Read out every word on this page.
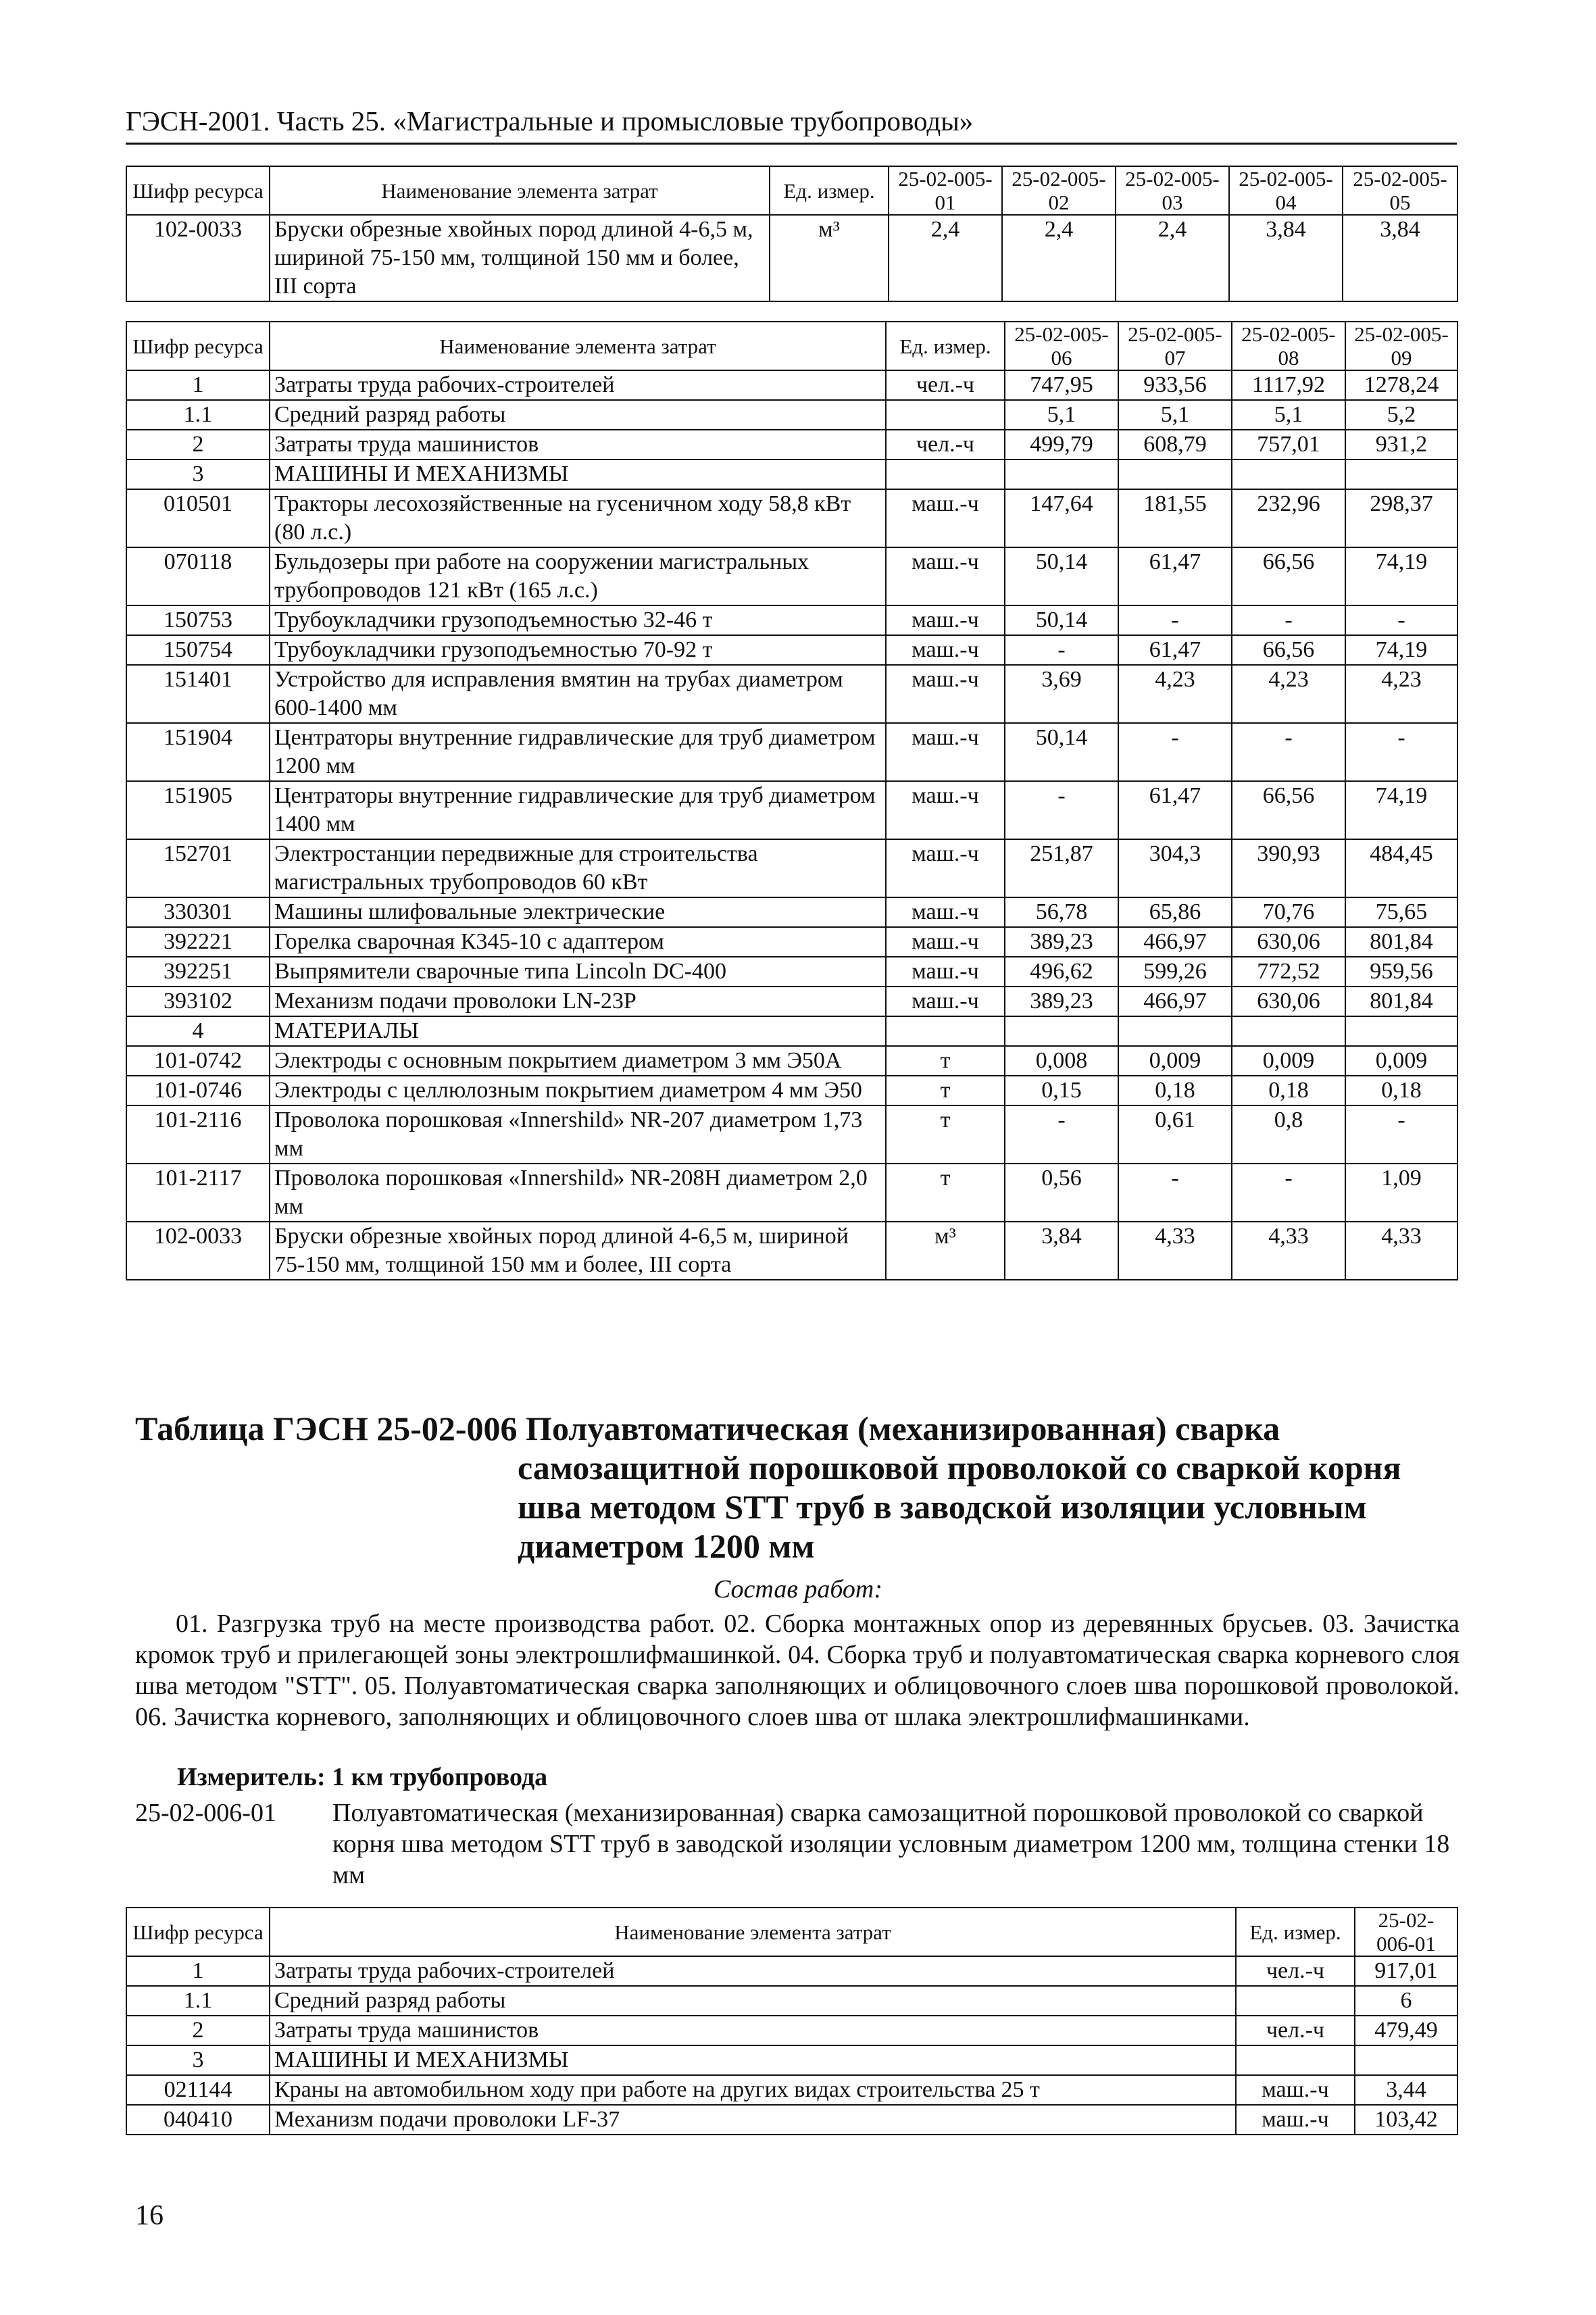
ГЭСН-2001. Часть 25. «Магистральные и промысловые трубопроводы»
Шифр ресурса	Наименование элемента затрат	Ед. измер.	25-02-005-01	25-02-005-02	25-02-005-03	25-02-005-04	25-02-005-05
102-0033	Бруски обрезные хвойных пород длиной 4-6,5 м, шириной 75-150 мм, толщиной 150 мм и более, III сорта	м³	2,4	2,4	2,4	3,84	3,84
Шифр ресурса	Наименование элемента затрат	Ед. измер.	25-02-005-06	25-02-005-07	25-02-005-08	25-02-005-09
1	Затраты труда рабочих-строителей	чел.-ч	747,95	933,56	1117,92	1278,24
1.1	Средний разряд работы		5,1	5,1	5,1	5,2
2	Затраты труда машинистов	чел.-ч	499,79	608,79	757,01	931,2
3	МАШИНЫ И МЕХАНИЗМЫ					
010501	Тракторы лесохозяйственные на гусеничном ходу 58,8 кВт (80 л.с.)	маш.-ч	147,64	181,55	232,96	298,37
070118	Бульдозеры при работе на сооружении магистральных трубопроводов 121 кВт (165 л.с.)	маш.-ч	50,14	61,47	66,56	74,19
150753	Трубоукладчики грузоподъемностью 32-46 т	маш.-ч	50,14	-	-	-
150754	Трубоукладчики грузоподъемностью 70-92 т	маш.-ч	-	61,47	66,56	74,19
151401	Устройство для исправления вмятин на трубах диаметром 600-1400 мм	маш.-ч	3,69	4,23	4,23	4,23
151904	Центраторы внутренние гидравлические для труб диаметром 1200 мм	маш.-ч	50,14	-	-	-
151905	Центраторы внутренние гидравлические для труб диаметром 1400 мм	маш.-ч	-	61,47	66,56	74,19
152701	Электростанции передвижные для строительства магистральных трубопроводов 60 кВт	маш.-ч	251,87	304,3	390,93	484,45
330301	Машины шлифовальные электрические	маш.-ч	56,78	65,86	70,76	75,65
392221	Горелка сварочная К345-10 с адаптером	маш.-ч	389,23	466,97	630,06	801,84
392251	Выпрямители сварочные типа Lincoln DC-400	маш.-ч	496,62	599,26	772,52	959,56
393102	Механизм подачи проволоки LN-23P	маш.-ч	389,23	466,97	630,06	801,84
4	МАТЕРИАЛЫ					
101-0742	Электроды с основным покрытием диаметром 3 мм Э50А	т	0,008	0,009	0,009	0,009
101-0746	Электроды с целлюлозным покрытием диаметром 4 мм Э50	т	0,15	0,18	0,18	0,18
101-2116	Проволока порошковая «Innershild» NR-207 диаметром 1,73 мм	т	-	0,61	0,8	-
101-2117	Проволока порошковая «Innershild» NR-208H диаметром 2,0 мм	т	0,56	-	-	1,09
102-0033	Бруски обрезные хвойных пород длиной 4-6,5 м, шириной 75-150 мм, толщиной 150 мм и более, III сорта	м³	3,84	4,33	4,33	4,33
Таблица ГЭСН 25-02-006 Полуавтоматическая (механизированная) сварка
самозащитной порошковой проволокой со сваркой корня шва методом STT труб в заводской изоляции условным диаметром 1200 мм
Состав работ:
01. Разгрузка труб на месте производства работ. 02. Сборка монтажных опор из деревянных брусьев. 03. Зачистка кромок труб и прилегающей зоны электрошлифмашинкой. 04. Сборка труб и полуавтоматическая сварка корневого слоя шва методом "STT". 05. Полуавтоматическая сварка заполняющих и облицовочного слоев шва порошковой проволокой. 06. Зачистка корневого, заполняющих и облицовочного слоев шва от шлака электрошлифмашинками.
Измеритель: 1 км трубопровода
25-02-006-01 Полуавтоматическая (механизированная) сварка самозащитной порошковой проволокой со сваркой корня шва методом STT труб в заводской изоляции условным диаметром 1200 мм, толщина стенки 18 мм
Шифр ресурса	Наименование элемента затрат	Ед. измер.	25-02-006-01
1	Затраты труда рабочих-строителей	чел.-ч	917,01
1.1	Средний разряд работы		6
2	Затраты труда машинистов	чел.-ч	479,49
3	МАШИНЫ И МЕХАНИЗМЫ		
021144	Краны на автомобильном ходу при работе на других видах строительства 25 т	маш.-ч	3,44
040410	Механизм подачи проволоки LF-37	маш.-ч	103,42
16
